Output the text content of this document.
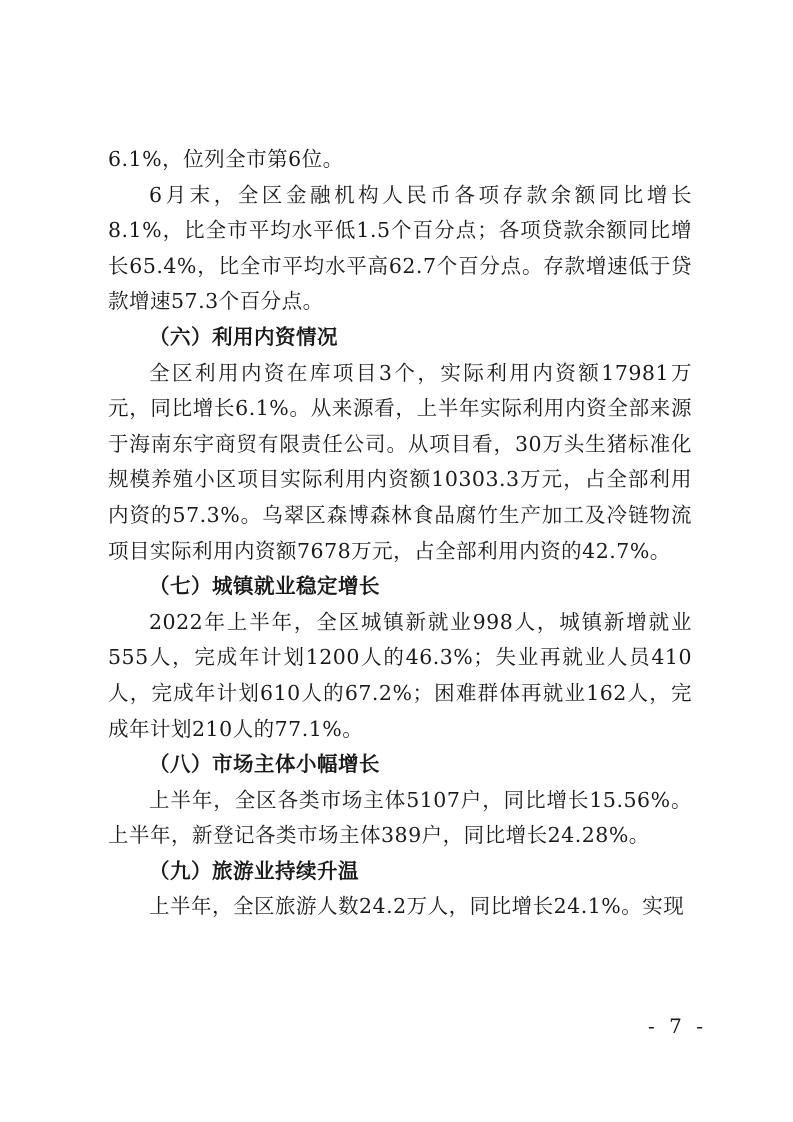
6.1%，位列全市第6位。

6月末，全区金融机构人民币各项存款余额同比增长8.1%，比全市平均水平低1.5个百分点；各项贷款余额同比增长65.4%，比全市平均水平高62.7个百分点。存款增速低于贷款增速57.3个百分点。

（六）利用内资情况

全区利用内资在库项目3个，实际利用内资额17981万元，同比增长6.1%。从来源看，上半年实际利用内资全部来源于海南东宇商贸有限责任公司。从项目看，30万头生猪标准化规模养殖小区项目实际利用内资额10303.3万元，占全部利用内资的57.3%。乌翠区森博森林食品腐竹生产加工及冷链物流项目实际利用内资额7678万元，占全部利用内资的42.7%。

（七）城镇就业稳定增长

2022年上半年，全区城镇新就业998人，城镇新增就业555人，完成年计划1200人的46.3%；失业再就业人员410人，完成年计划610人的67.2%；困难群体再就业162人，完成年计划210人的77.1%。

（八）市场主体小幅增长

上半年，全区各类市场主体5107户，同比增长15.56%。上半年，新登记各类市场主体389户，同比增长24.28%。

（九）旅游业持续升温

上半年，全区旅游人数24.2万人，同比增长24.1%。实现

- 7 -
